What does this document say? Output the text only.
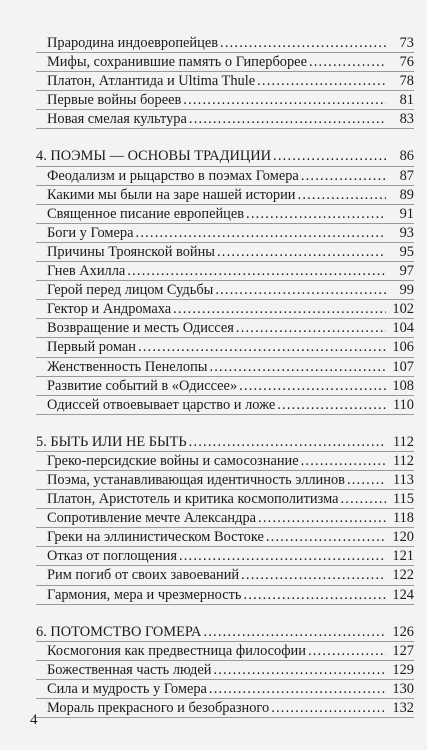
Прародина индоевропейцев .....	73
Мифы, сохранившие память о Гиперборее .....	76
Платон, Атлантида и Ultima Thule .....	78
Первые войны бореев .....	81
Новая смелая культура .....	83
4. ПОЭМЫ — ОСНОВЫ ТРАДИЦИИ .....	86
Феодализм и рыцарство в поэмах Гомера .....	87
Какими мы были на заре нашей истории .....	89
Священное писание европейцев .....	91
Боги у Гомера .....	93
Причины Троянской войны .....	95
Гнев Ахилла .....	97
Герой перед лицом Судьбы .....	99
Гектор и Андромаха .....	102
Возвращение и месть Одиссея .....	104
Первый роман .....	106
Женственность Пенелопы .....	107
Развитие событий в «Одиссее» .....	108
Одиссей отвоевывает царство и ложе .....	110
5. БЫТЬ ИЛИ НЕ БЫТЬ .....	112
Греко-персидские войны и самосознание .....	112
Поэма, устанавливающая идентичность эллинов .....	113
Платон, Аристотель и критика космополитизма .....	115
Сопротивление мечте Александра .....	118
Греки на эллинистическом Востоке .....	120
Отказ от поглощения .....	121
Рим погиб от своих завоеваний .....	122
Гармония, мера и чрезмерность .....	124
6. ПОТОМСТВО ГОМЕРА .....	126
Космогония как предвестница философии .....	127
Божественная часть людей .....	129
Сила и мудрость у Гомера .....	130
Мораль прекрасного и безобразного .....	132
4
